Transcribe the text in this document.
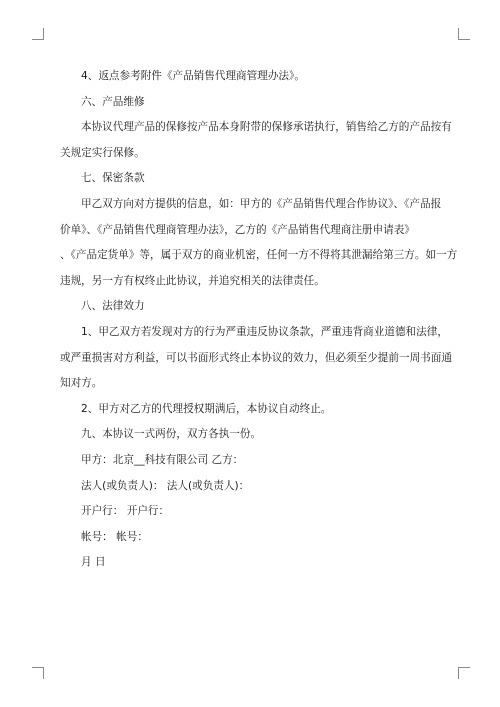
4、返点参考附件《产品销售代理商管理办法》。
六、产品维修
本协议代理产品的保修按产品本身附带的保修承诺执行，销售给乙方的产品按有
关规定实行保修。
七、保密条款
甲乙双方向对方提供的信息，如：甲方的《产品销售代理合作协议》、《产品报
价单》、《产品销售代理商管理办法》，乙方的《产品销售代理商注册申请表》
、《产品定货单》等，属于双方的商业机密，任何一方不得将其泄漏给第三方。如一方
违规，另一方有权终止此协议，并追究相关的法律责任。
八、法律效力
1、甲乙双方若发现对方的行为严重违反协议条款，严重违背商业道德和法律，
或严重损害对方利益，可以书面形式终止本协议的效力，但必须至少提前一周书面通
知对方。
2、甲方对乙方的代理授权期满后，本协议自动终止。
九、本协议一式两份，双方各执一份。
甲方：北京__科技有限公司 乙方：
法人(或负责人)： 法人(或负责人)：
开户行： 开户行：
帐号： 帐号：
月 日
